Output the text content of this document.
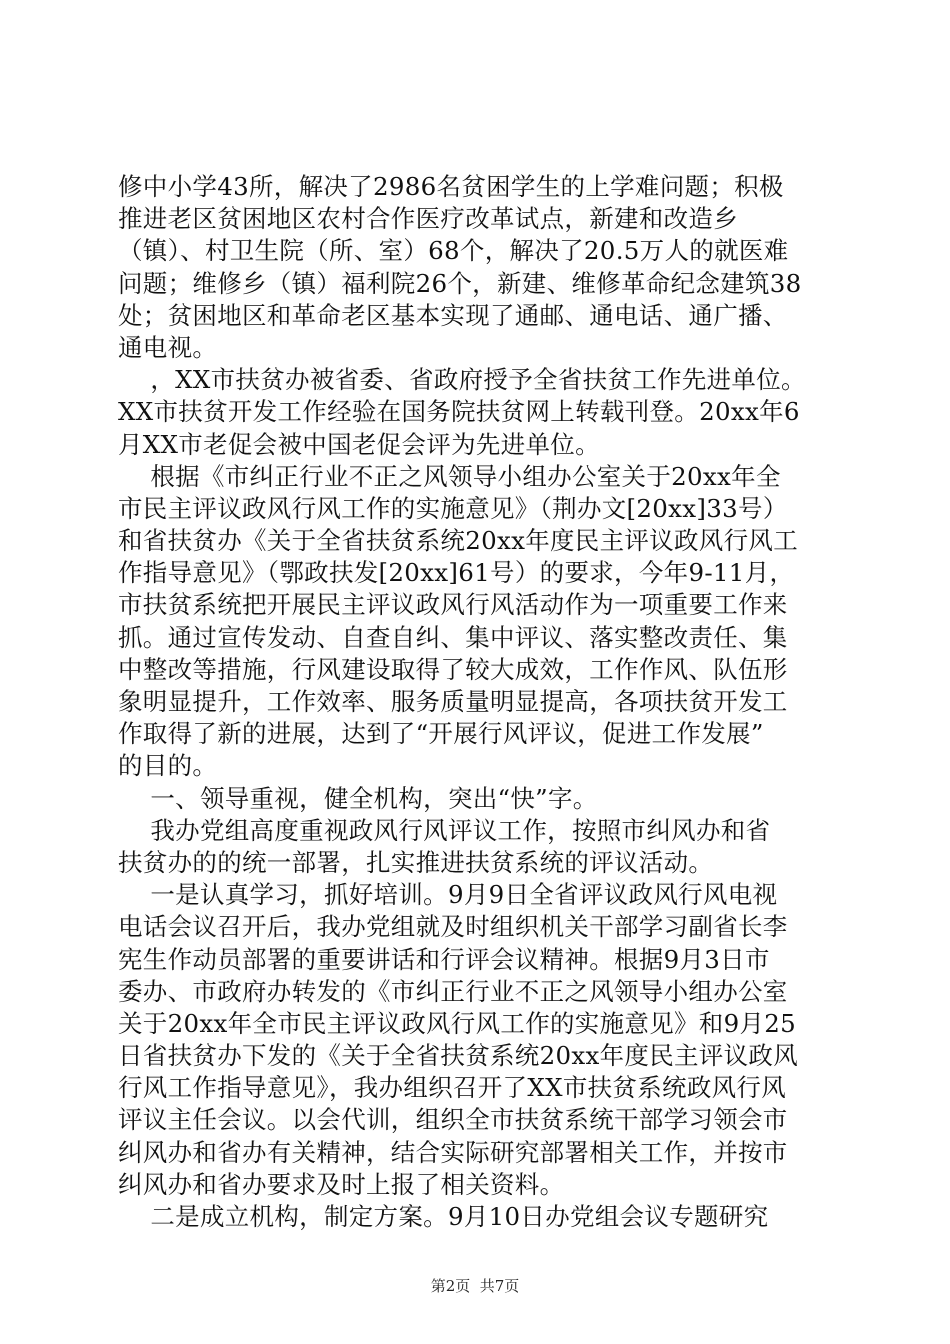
修中小学43所，解决了2986名贫困学生的上学难问题；积极
推进老区贫困地区农村合作医疗改革试点，新建和改造乡
（镇）、村卫生院（所、室）68个，解决了20.5万人的就医难
问题；维修乡（镇）福利院26个，新建、维修革命纪念建筑38
处；贫困地区和革命老区基本实现了通邮、通电话、通广播、
通电视。
，XX市扶贫办被省委、省政府授予全省扶贫工作先进单位。
XX市扶贫开发工作经验在国务院扶贫网上转载刊登。20xx年6
月XX市老促会被中国老促会评为先进单位。
根据《市纠正行业不正之风领导小组办公室关于20xx年全
市民主评议政风行风工作的实施意见》（荆办文[20xx]33号）
和省扶贫办《关于全省扶贫系统20xx年度民主评议政风行风工
作指导意见》（鄂政扶发[20xx]61号）的要求，今年9-11月，
市扶贫系统把开展民主评议政风行风活动作为一项重要工作来
抓。通过宣传发动、自查自纠、集中评议、落实整改责任、集
中整改等措施，行风建设取得了较大成效，工作作风、队伍形
象明显提升，工作效率、服务质量明显提高，各项扶贫开发工
作取得了新的进展，达到了“开展行风评议，促进工作发展”
的目的。
一、领导重视，健全机构，突出“快”字。
我办党组高度重视政风行风评议工作，按照市纠风办和省
扶贫办的的统一部署，扎实推进扶贫系统的评议活动。
一是认真学习，抓好培训。9月9日全省评议政风行风电视
电话会议召开后，我办党组就及时组织机关干部学习副省长李
宪生作动员部署的重要讲话和行评会议精神。根据9月3日市
委办、市政府办转发的《市纠正行业不正之风领导小组办公室
关于20xx年全市民主评议政风行风工作的实施意见》和9月25
日省扶贫办下发的《关于全省扶贫系统20xx年度民主评议政风
行风工作指导意见》，我办组织召开了XX市扶贫系统政风行风
评议主任会议。以会代训，组织全市扶贫系统干部学习领会市
纠风办和省办有关精神，结合实际研究部署相关工作，并按市
纠风办和省办要求及时上报了相关资料。
二是成立机构，制定方案。9月10日办党组会议专题研究
第2页  共7页
